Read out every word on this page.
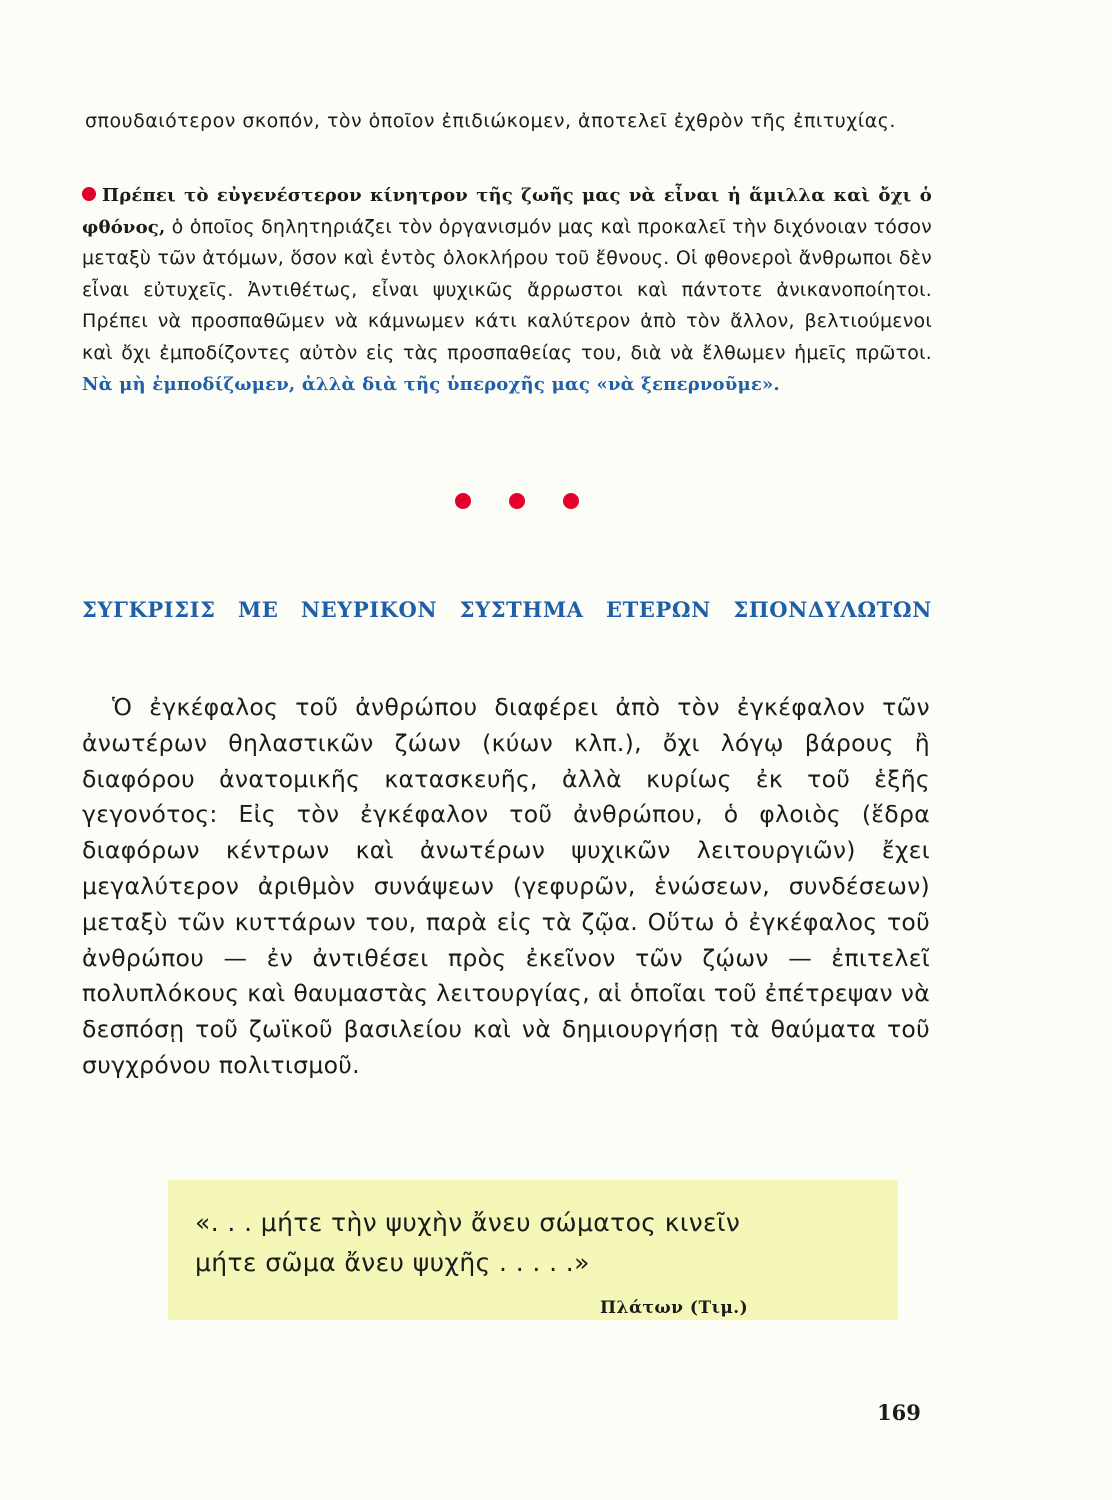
σπουδαιότερον σκοπόν, τὸν ὁποῖον ἐπιδιώκομεν, ἀποτελεῖ ἐχθρὸν τῆς ἐπιτυχίας.
Πρέπει τὸ εὐγενέστερον κίνητρον τῆς ζωῆς μας νὰ εἶναι ἡ ἅμιλλα καὶ ὄχι ὁ φθόνος, ὁ ὁποῖος δηλητηριάζει τὸν ὀργανισμόν μας καὶ προκαλεῖ τὴν διχόνοιαν τόσον μεταξὺ τῶν ἀτόμων, ὅσον καὶ ἐντὸς ὁλοκλήρου τοῦ ἔθνους. Οἱ φθονεροὶ ἄνθρωποι δὲν εἶναι εὐτυχεῖς. Ἀντιθέτως, εἶναι ψυχικῶς ἄρρωστοι καὶ πάντοτε ἀνικανοποίητοι. Πρέπει νὰ προσπαθῶμεν νὰ κάμνωμεν κάτι καλύτερον ἀπὸ τὸν ἄλλον, βελτιούμενοι καὶ ὄχι ἐμποδίζοντες αὐτὸν εἰς τὰς προσπαθείας του, διὰ νὰ ἔλθωμεν ἡμεῖς πρῶτοι. Νὰ μὴ ἐμποδίζωμεν, ἀλλὰ διὰ τῆς ὑπεροχῆς μας «νὰ ξεπερνοῦμε».
ΣΥΓΚΡΙΣΙΣ ΜΕ ΝΕΥΡΙΚΟΝ ΣΥΣΤΗΜΑ ΕΤΕΡΩΝ ΣΠΟΝΔΥΛΩΤΩΝ
Ὁ ἐγκέφαλος τοῦ ἀνθρώπου διαφέρει ἀπὸ τὸν ἐγκέφαλον τῶν ἀνωτέρων θηλαστικῶν ζώων (κύων κλπ.), ὄχι λόγῳ βάρους ἢ διαφόρου ἀνατομικῆς κατασκευῆς, ἀλλὰ κυρίως ἐκ τοῦ ἑξῆς γεγονότος: Εἰς τὸν ἐγκέφαλον τοῦ ἀνθρώπου, ὁ φλοιὸς (ἕδρα διαφόρων κέντρων καὶ ἀνωτέρων ψυχικῶν λειτουργιῶν) ἔχει μεγαλύτερον ἀριθμὸν συνάψεων (γεφυρῶν, ἑνώσεων, συνδέσεων) μεταξὺ τῶν κυττάρων του, παρὰ εἰς τὰ ζῷα. Οὕτω ὁ ἐγκέφαλος τοῦ ἀνθρώπου — ἐν ἀντιθέσει πρὸς ἐκεῖνον τῶν ζῴων — ἐπιτελεῖ πολυπλόκους καὶ θαυμαστὰς λειτουργίας, αἱ ὁποῖαι τοῦ ἐπέτρεψαν νὰ δεσπόσῃ τοῦ ζωϊκοῦ βασιλείου καὶ νὰ δημιουργήσῃ τὰ θαύματα τοῦ συγχρόνου πολιτισμοῦ.
«. . . μήτε τὴν ψυχὴν ἄνευ σώματος κινεῖν
μήτε σῶμα ἄνευ ψυχῆς . . . . .»
Πλάτων (Τιμ.)
169
